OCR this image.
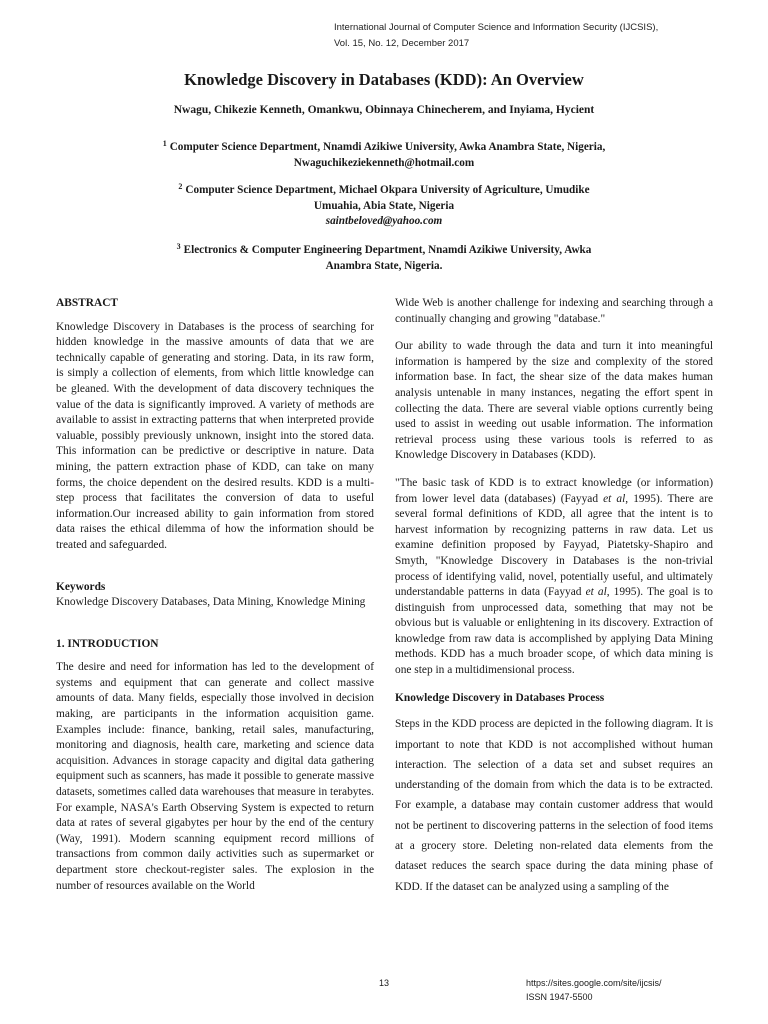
International Journal of Computer Science and Information Security (IJCSIS),
Vol. 15, No. 12, December 2017
Knowledge Discovery in Databases (KDD): An Overview
Nwagu, Chikezie Kenneth, Omankwu, Obinnaya Chinecherem, and Inyiama, Hycient
$^1$ Computer Science Department, Nnamdi Azikiwe University, Awka Anambra State, Nigeria,
Nwaguchikeziekenneth@hotmail.com
$^2$ Computer Science Department, Michael Okpara University of Agriculture, Umudike
Umuahia, Abia State, Nigeria
saintbeloved@yahoo.com
$^3$ Electronics & Computer Engineering Department, Nnamdi Azikiwe University, Awka
Anambra State, Nigeria.

ABSTRACT

Knowledge Discovery in Databases is the process of searching for hidden knowledge in the massive amounts of data that we are technically capable of generating and storing. Data, in its raw form, is simply a collection of elements, from which little knowledge can be gleaned. With the development of data discovery techniques the value of the data is significantly improved. A variety of methods are available to assist in extracting patterns that when interpreted provide valuable, possibly previously unknown, insight into the stored data. This information can be predictive or descriptive in nature. Data mining, the pattern extraction phase of KDD, can take on many forms, the choice dependent on the desired results. KDD is a multi-step process that facilitates the conversion of data to useful information.Our increased ability to gain information from stored data raises the ethical dilemma of how the information should be treated and safeguarded.

Keywords

Knowledge Discovery Databases, Data Mining, Knowledge Mining

1. INTRODUCTION

The desire and need for information has led to the development of systems and equipment that can generate and collect massive amounts of data. Many fields, especially those involved in decision making, are participants in the information acquisition game. Examples include: finance, banking, retail sales, manufacturing, monitoring and diagnosis, health care, marketing and science data acquisition. Advances in storage capacity and digital data gathering equipment such as scanners, has made it possible to generate massive datasets, sometimes called data warehouses that measure in terabytes. For example, NASA's Earth Observing System is expected to return data at rates of several gigabytes per hour by the end of the century (Way, 1991). Modern scanning equipment record millions of transactions from common daily activities such as supermarket or department store checkout-register sales. The explosion in the number of resources available on the World

Wide Web is another challenge for indexing and searching through a continually changing and growing "database."

Our ability to wade through the data and turn it into meaningful information is hampered by the size and complexity of the stored information base. In fact, the shear size of the data makes human analysis untenable in many instances, negating the effort spent in collecting the data. There are several viable options currently being used to assist in weeding out usable information. The information retrieval process using these various tools is referred to as Knowledge Discovery in Databases (KDD).

"The basic task of KDD is to extract knowledge (or information) from lower level data (databases) (Fayyad et al, 1995). There are several formal definitions of KDD, all agree that the intent is to harvest information by recognizing patterns in raw data. Let us examine definition proposed by Fayyad, Piatetsky-Shapiro and Smyth, "Knowledge Discovery in Databases is the non-trivial process of identifying valid, novel, potentially useful, and ultimately understandable patterns in data (Fayyad et al, 1995). The goal is to distinguish from unprocessed data, something that may not be obvious but is valuable or enlightening in its discovery. Extraction of knowledge from raw data is accomplished by applying Data Mining methods. KDD has a much broader scope, of which data mining is one step in a multidimensional process.

Knowledge Discovery in Databases Process

Steps in the KDD process are depicted in the following diagram. It is important to note that KDD is not accomplished without human interaction. The selection of a data set and subset requires an understanding of the domain from which the data is to be extracted. For example, a database may contain customer address that would not be pertinent to discovering patterns in the selection of food items at a grocery store. Deleting non-related data elements from the dataset reduces the search space during the data mining phase of KDD. If the dataset can be analyzed using a sampling of the

13	https://sites.google.com/site/ijcsis/
ISSN 1947-5500
